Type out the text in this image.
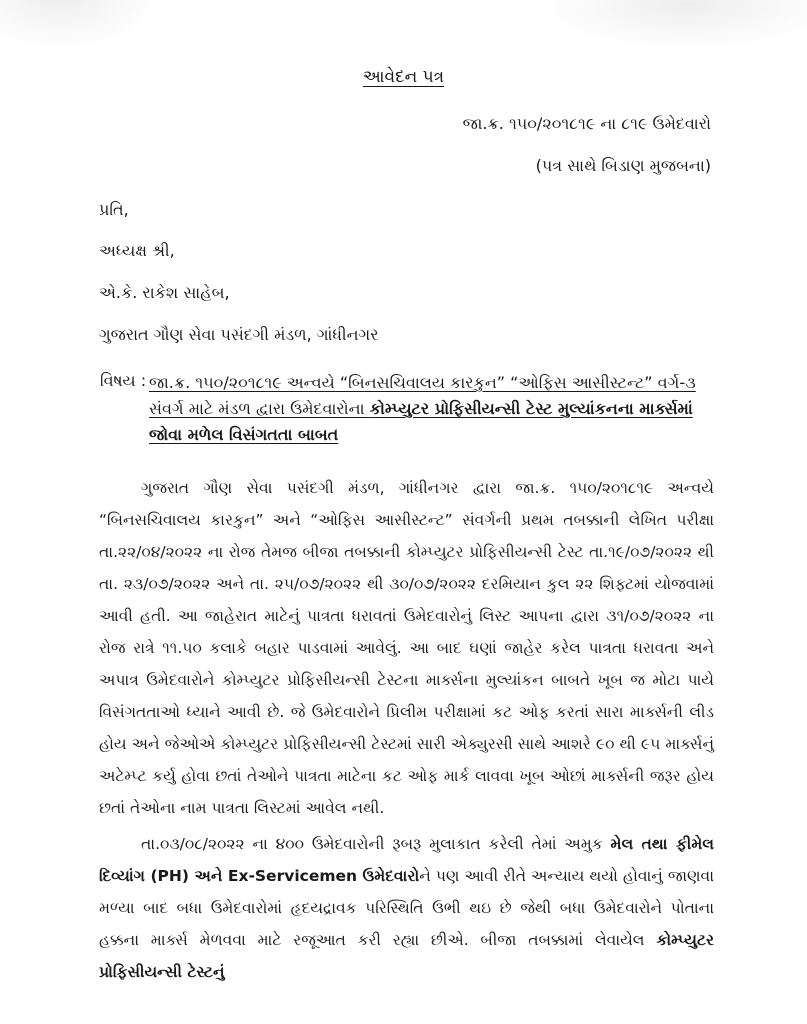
આવેદન પત્ર
જા.ક્ર. ૧૫૦/૨૦૧૮૧૯ ના ૮૧૯ ઉમેદવારો
(પત્ર સાથે બિડાણ મુજબના)
પ્રતિ,
અધ્યક્ષ શ્રી,
એ.કે. રાકેશ સાહેબ,
ગુજરાત ગૌણ સેવા પસંદગી મંડળ, ગાંધીનગર
વિષય : જા.ક્ર. ૧૫૦/૨૦૧૮૧૯ અન્વયે “બિનસચિવાલય કારકુન” “ઓફિસ આસીસ્ટન્ટ” વર્ગ-૩ સંવર્ગ માટે મંડળ દ્વારા ઉમેદવારોના કોમ્પ્યુટર પ્રોફિસીયન્સી ટેસ્ટ મુલ્યાંકનના માર્ક્સમાં જોવા મળેલ વિસંગતતા બાબત

ગુજરાત ગૌણ સેવા પસંદગી મંડળ, ગાંધીનગર દ્વારા જા.ક્ર. ૧૫૦/૨૦૧૮૧૯ અન્વયે “બિનસચિવાલય કારકુન” અને “ઓફિસ આસીસ્ટન્ટ” સંવર્ગની પ્રથમ તબક્કાની લેખિત પરીક્ષા તા.૨૨/૦૪/૨૦૨૨ ના રોજ તેમજ બીજા તબક્કાની કોમ્પ્યુટર પ્રોફિસીયન્સી ટેસ્ટ તા.૧૯/૦૭/૨૦૨૨ થી તા. ૨૩/૦૭/૨૦૨૨ અને તા. ૨૫/૦૭/૨૦૨૨ થી ૩૦/૦૭/૨૦૨૨ દરમિયાન કુલ ૨૨ શિફ્ટમાં યોજવામાં આવી હતી. આ જાહેરાત માટેનું પાત્રતા ધરાવતાં ઉમેદવારોનું લિસ્ટ આપના દ્વારા ૩૧/૦૭/૨૦૨૨ ના રોજ રાત્રે ૧૧.૫૦ કલાકે બહાર પાડવામાં આવેલું. આ બાદ ઘણાં જાહેર કરેલ પાત્રતા ધરાવતા અને અપાત્ર ઉમેદવારોને કોમ્પ્યુટર પ્રોફિસીયન્સી ટેસ્ટના માર્ક્સના મુલ્યાંકન બાબતે ખૂબ જ મોટા પાયે વિસંગતતાઓ ધ્યાને આવી છે. જે ઉમેદવારોને પ્રિલીમ પરીક્ષામાં કટ ઓફ કરતાં સારા માર્ક્સની લીડ હોય અને જેઓએ કોમ્પ્યુટર પ્રોફિસીયન્સી ટેસ્ટમાં સારી એક્યુરસી સાથે આશરે ૯૦ થી ૯૫ માર્ક્સનું અટેમ્પ્ટ કર્યુ હોવા છતાં તેઓને પાત્રતા માટેના કટ ઓફ માર્ક લાવવા ખૂબ ઓછાં માર્ક્સની જરૂર હોય છતાં તેઓના નામ પાત્રતા લિસ્ટમાં આવેલ નથી.

તા.૦૩/૦૮/૨૦૨૨ ના ૪૦૦ ઉમેદવારોની રૂબરૂ મુલાકાત કરેલી તેમાં અમુક મેલ તથા ફીમેલ દિવ્યાંગ (PH) અને Ex-Servicemen ઉમેદવારોને પણ આવી રીતે અન્યાય થયો હોવાનું જાણવા મળ્યા બાદ બધા ઉમેદવારોમાં હૃદયદ્રાવક પરિસ્થિતિ ઉભી થઇ છે જેથી બધા ઉમેદવારોને પોતાના હક્કના માર્ક્સ મેળવવા માટે રજૂઆત કરી રહ્યા છીએ. બીજા તબક્કામાં લેવાયેલ કોમ્પ્યુટર પ્રોફિસીયન્સી ટેસ્ટનું
